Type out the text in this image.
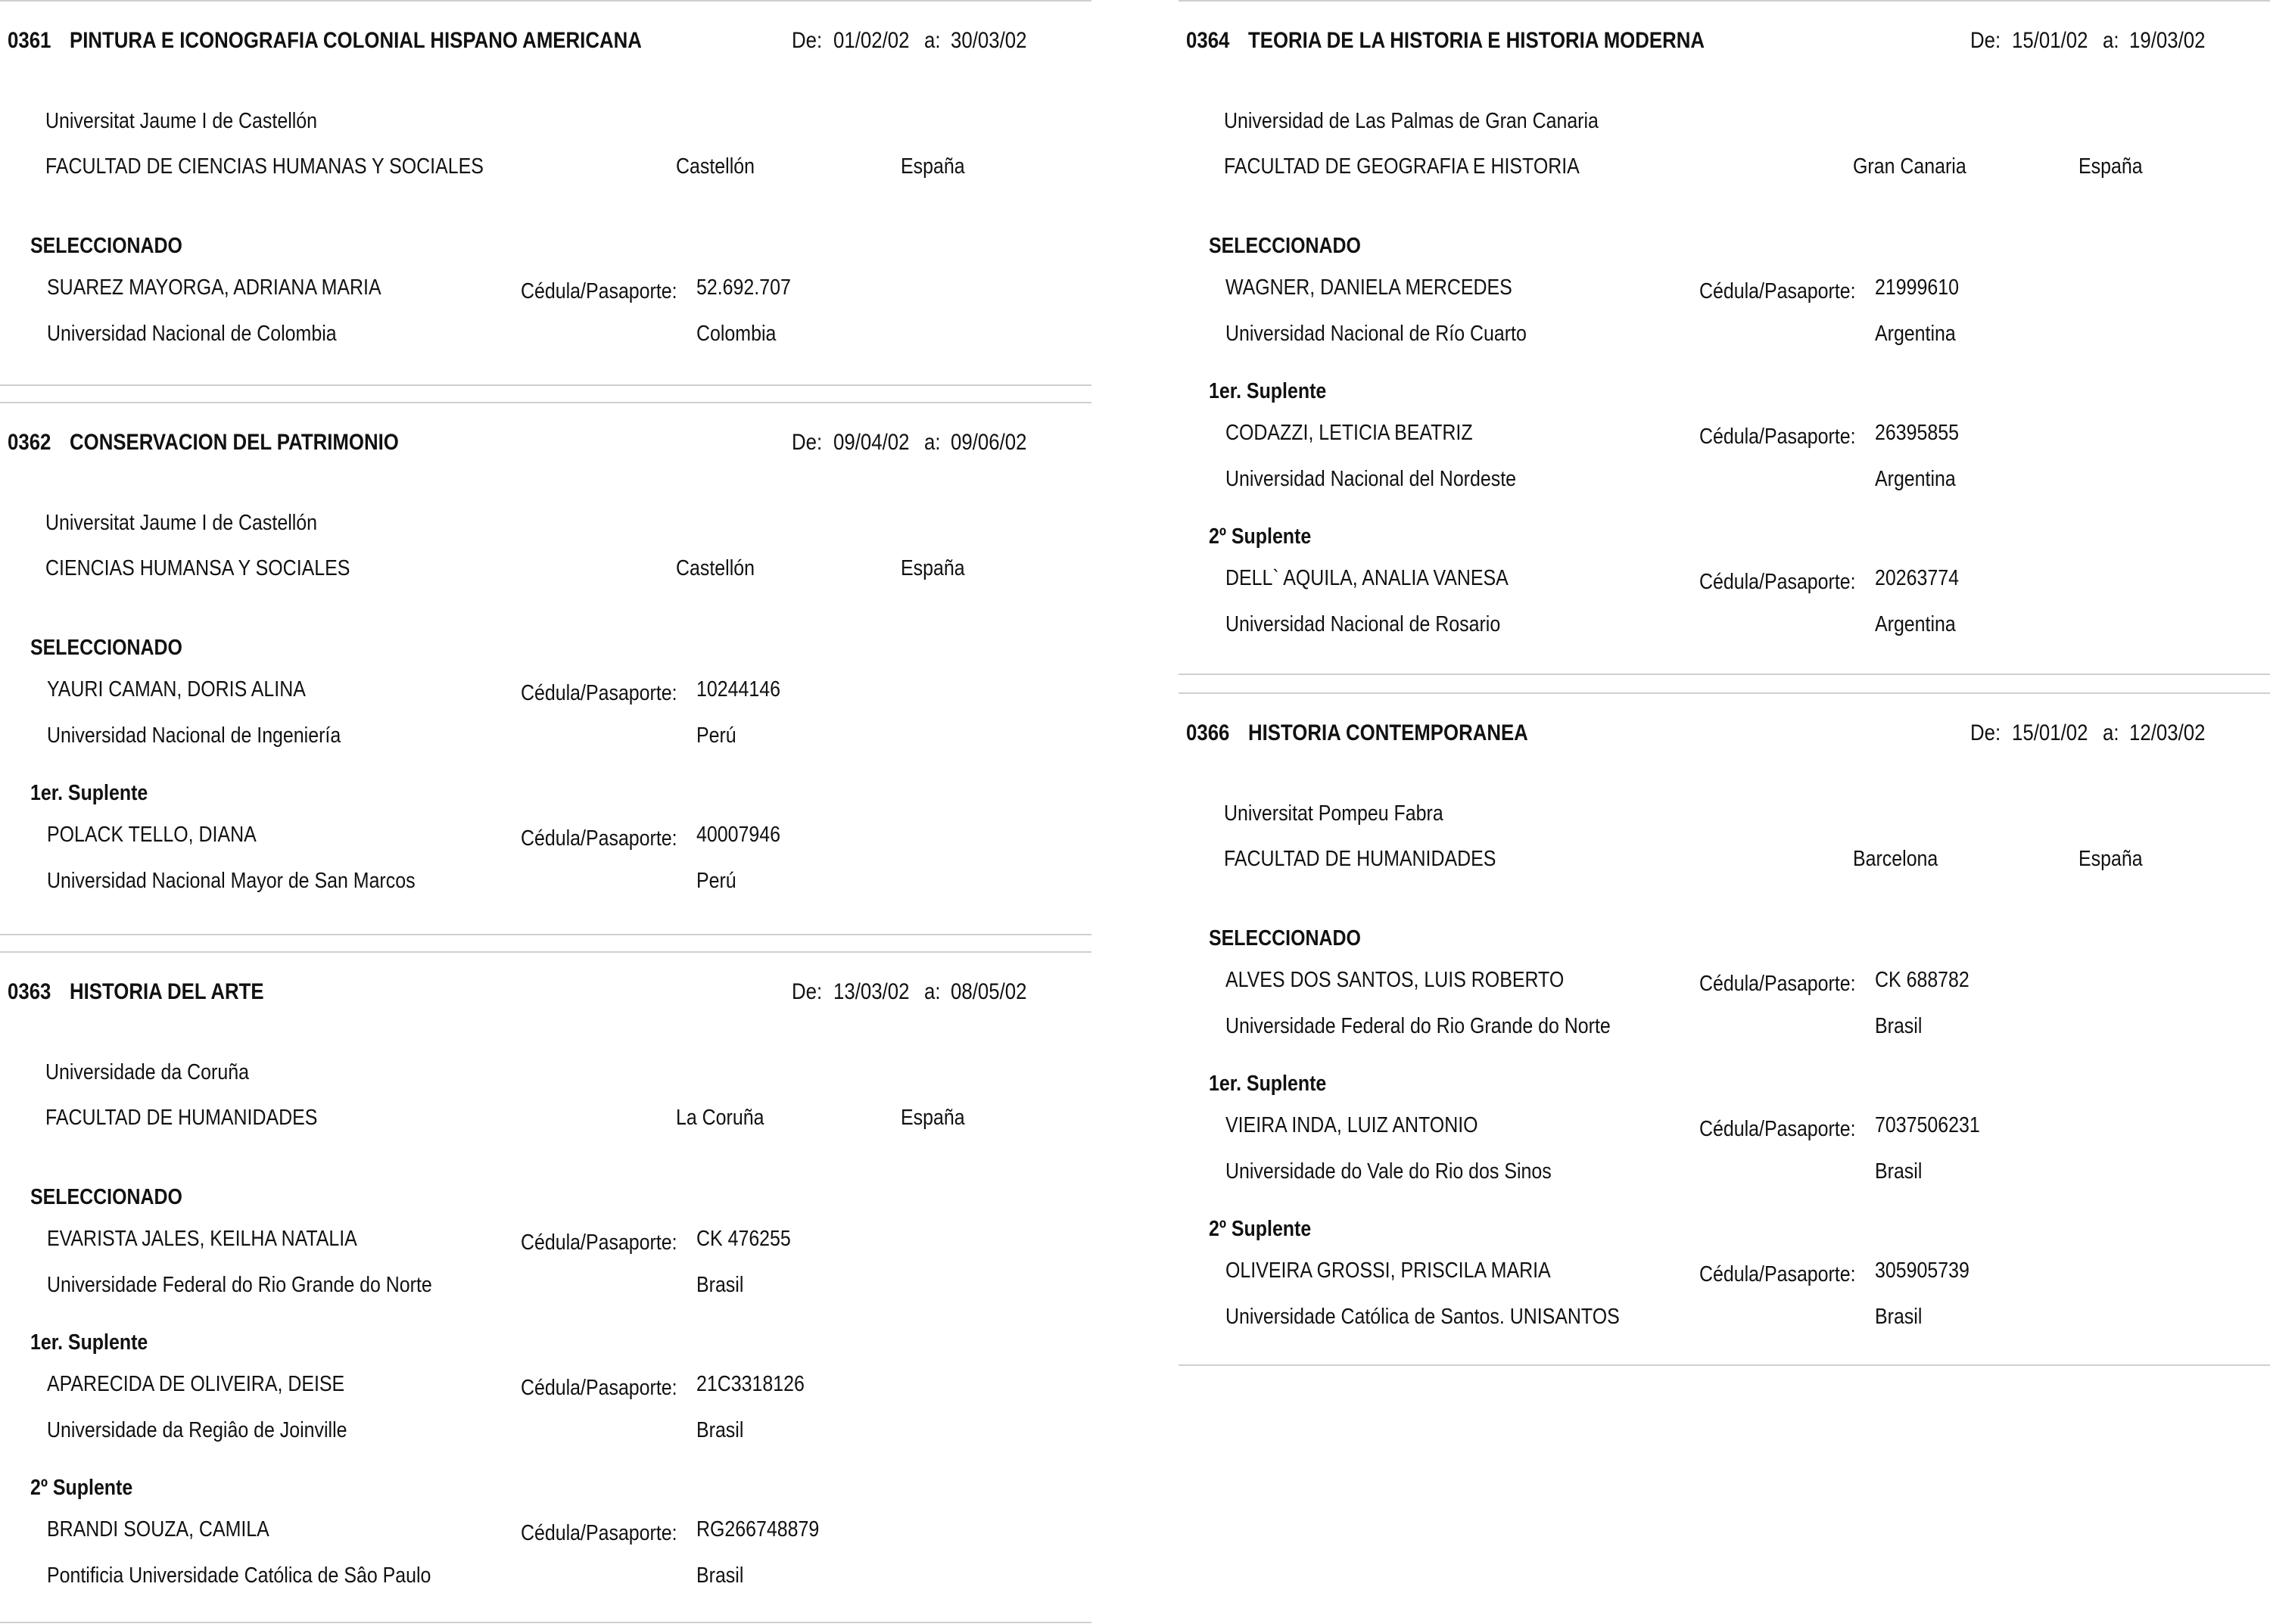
0361 PINTURA E ICONOGRAFIA COLONIAL HISPANO AMERICANA	De: 01/02/02 a: 30/03/02
Universitat Jaume I de Castellón
FACULTAD DE CIENCIAS HUMANAS Y SOCIALES	Castellón	España
SELECCIONADO
SUAREZ MAYORGA, ADRIANA MARIA	Cédula/Pasaporte: 52.692.707
Universidad Nacional de Colombia	Colombia
0362 CONSERVACION DEL PATRIMONIO	De: 09/04/02 a: 09/06/02
Universitat Jaume I de Castellón
CIENCIAS HUMANSA Y SOCIALES	Castellón	España
SELECCIONADO
YAURI CAMAN, DORIS ALINA	Cédula/Pasaporte: 10244146
Universidad Nacional de Ingeniería	Perú
1er. Suplente
POLACK TELLO, DIANA	Cédula/Pasaporte: 40007946
Universidad Nacional Mayor de San Marcos	Perú
0363 HISTORIA DEL ARTE	De: 13/03/02 a: 08/05/02
Universidade da Coruña
FACULTAD DE HUMANIDADES	La Coruña	España
SELECCIONADO
EVARISTA JALES, KEILHA NATALIA	Cédula/Pasaporte: CK 476255
Universidade Federal do Rio Grande do Norte	Brasil
1er. Suplente
APARECIDA DE OLIVEIRA, DEISE	Cédula/Pasaporte: 21C3318126
Universidade da Regiâo de Joinville	Brasil
2º Suplente
BRANDI SOUZA, CAMILA	Cédula/Pasaporte: RG266748879
Pontificia Universidade Católica de Sâo Paulo	Brasil
0364 TEORIA DE LA HISTORIA E HISTORIA MODERNA	De: 15/01/02 a: 19/03/02
Universidad de Las Palmas de Gran Canaria
FACULTAD DE GEOGRAFIA E HISTORIA	Gran Canaria	España
SELECCIONADO
WAGNER, DANIELA MERCEDES	Cédula/Pasaporte: 21999610
Universidad Nacional de Río Cuarto	Argentina
1er. Suplente
CODAZZI, LETICIA BEATRIZ	Cédula/Pasaporte: 26395855
Universidad Nacional del Nordeste	Argentina
2º Suplente
DELL` AQUILA, ANALIA VANESA	Cédula/Pasaporte: 20263774
Universidad Nacional de Rosario	Argentina
0366 HISTORIA CONTEMPORANEA	De: 15/01/02 a: 12/03/02
Universitat Pompeu Fabra
FACULTAD DE HUMANIDADES	Barcelona	España
SELECCIONADO
ALVES DOS SANTOS, LUIS ROBERTO	Cédula/Pasaporte: CK 688782
Universidade Federal do Rio Grande do Norte	Brasil
1er. Suplente
VIEIRA INDA, LUIZ ANTONIO	Cédula/Pasaporte: 7037506231
Universidade do Vale do Rio dos Sinos	Brasil
2º Suplente
OLIVEIRA GROSSI, PRISCILA MARIA	Cédula/Pasaporte: 305905739
Universidade Católica de Santos. UNISANTOS	Brasil
